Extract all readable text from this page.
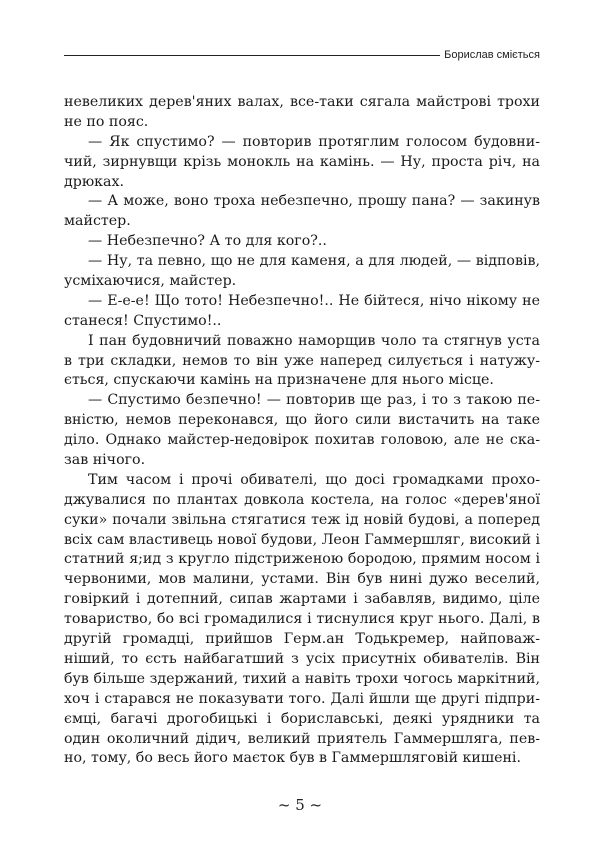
Борислав сміється
невеликих дерев'яних валах, все-таки сягала майстрові трохи
не по пояс.
— Як спустимо? — повторив протяглим голосом будовни-
чий, зирнувщи крізь монокль на камінь. — Ну, проста річ, на
дрюках.
— А може, воно троха небезпечно, прошу пана? — закинув
майстер.
— Небезпечно? А то для кого?..
— Ну, та певно, що не для каменя, а для людей, — відповів,
усміхаючися, майстер.
— Е-е-е! Що тото! Небезпечно!.. Не бійтеся, нічо нікому не
станеся! Спустимо!..
І пан будовничий поважно наморщив чоло та стягнув уста
в три складки, немов то він уже наперед силується і натужу-
ється, спускаючи камінь на призначене для нього місце.
— Спустимо безпечно! — повторив ще раз, і то з такою пе-
вністю, немов переконався, що його сили вистачить на таке
діло. Однако майстер-недовірок похитав головою, але не ска-
зав нічого.
Тим часом і прочі обивателі, що досі громадками прохо-
джувалися по плантах довкола костела, на голос «дерев'яної
суки» почали звільна стягатися теж ід новій будові, а поперед
всіх сам властивець нової будови, Леон Гаммершляг, високий і
статний я;ид з кругло підстриженою бородою, прямим носом і
червоними, мов малини, устами. Він був нині дужо веселий,
говіркий і дотепний, сипав жартами і забавляв, видимо, ціле
товариство, бо всі громадилися і тиснулися круг нього. Далі, в
другій громадці, прийшов Герм.ан Тодькремер, найповаж-
ніший, то єсть найбагатший з усіх присутніх обивателів. Він
був більше здержаний, тихий а навіть трохи чогось маркітний,
хоч і старався не показувати того. Далі йшли ще другі підпри-
ємці, багачі дрогобицькі і бориславські, деякі урядники та
один околичний дідич, великий приятель Гаммершляга, пев-
но, тому, бо весь його маєток був в Гаммершляговій кишені.
~ 5 ~
